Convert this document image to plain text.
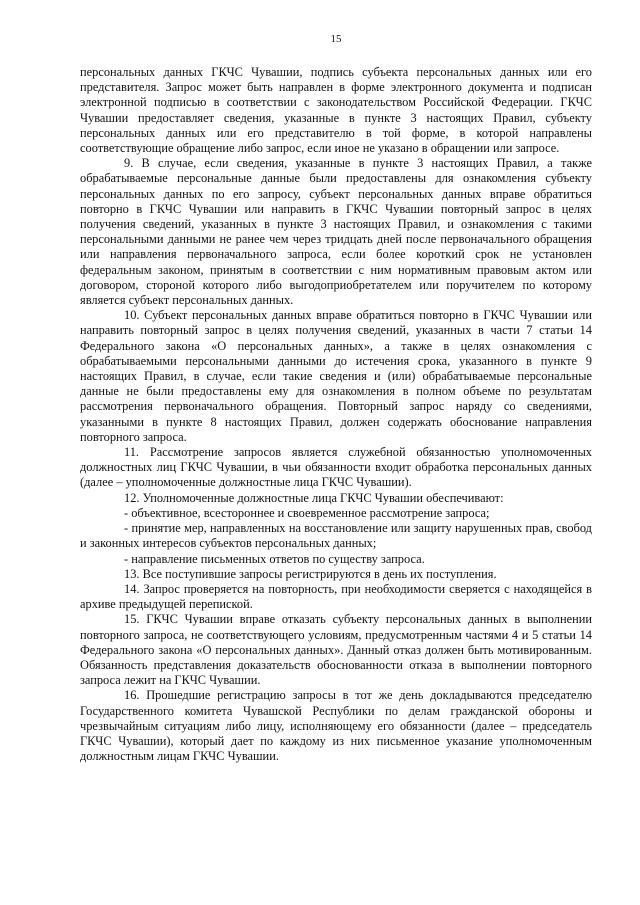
15

персональных данных ГКЧС Чувашии, подпись субъекта персональных данных или его представителя. Запрос может быть направлен в форме электронного документа и подписан электронной подписью в соответствии с законодательством Российской Федерации. ГКЧС Чувашии предоставляет сведения, указанные в пункте 3 настоящих Правил, субъекту персональных данных или его представителю в той форме, в которой направлены соответствующие обращение либо запрос, если иное не указано в обращении или запросе.

9. В случае, если сведения, указанные в пункте 3 настоящих Правил, а также обрабатываемые персональные данные были предоставлены для ознакомления субъекту персональных данных по его запросу, субъект персональных данных вправе обратиться повторно в ГКЧС Чувашии или направить в ГКЧС Чувашии повторный запрос в целях получения сведений, указанных в пункте 3 настоящих Правил, и ознакомления с такими персональными данными не ранее чем через тридцать дней после первоначального обращения или направления первоначального запроса, если более короткий срок не установлен федеральным законом, принятым в соответствии с ним нормативным правовым актом или договором, стороной которого либо выгодоприобретателем или поручителем по которому является субъект персональных данных.

10. Субъект персональных данных вправе обратиться повторно в ГКЧС Чувашии или направить повторный запрос в целях получения сведений, указанных в части 7 статьи 14 Федерального закона «О персональных данных», а также в целях ознакомления с обрабатываемыми персональными данными до истечения срока, указанного в пункте 9 настоящих Правил, в случае, если такие сведения и (или) обрабатываемые персональные данные не были предоставлены ему для ознакомления в полном объеме по результатам рассмотрения первоначального обращения. Повторный запрос наряду со сведениями, указанными в пункте 8 настоящих Правил, должен содержать обоснование направления повторного запроса.

11. Рассмотрение запросов является служебной обязанностью уполномоченных должностных лиц ГКЧС Чувашии, в чьи обязанности входит обработка персональных данных (далее – уполномоченные должностные лица ГКЧС Чувашии).

12. Уполномоченные должностные лица ГКЧС Чувашии обеспечивают:

- объективное, всестороннее и своевременное рассмотрение запроса;

- принятие мер, направленных на восстановление или защиту нарушенных прав, свобод и законных интересов субъектов персональных данных;

- направление письменных ответов по существу запроса.

13. Все поступившие запросы регистрируются в день их поступления.

14. Запрос проверяется на повторность, при необходимости сверяется с находящейся в архиве предыдущей перепиской.

15. ГКЧС Чувашии вправе отказать субъекту персональных данных в выполнении повторного запроса, не соответствующего условиям, предусмотренным частями 4 и 5 статьи 14 Федерального закона «О персональных данных». Данный отказ должен быть мотивированным. Обязанность представления доказательств обоснованности отказа в выполнении повторного запроса лежит на ГКЧС Чувашии.

16. Прошедшие регистрацию запросы в тот же день докладываются председателю Государственного комитета Чувашской Республики по делам гражданской обороны и чрезвычайным ситуациям либо лицу, исполняющему его обязанности (далее – председатель ГКЧС Чувашии), который дает по каждому из них письменное указание уполномоченным должностным лицам ГКЧС Чувашии.
